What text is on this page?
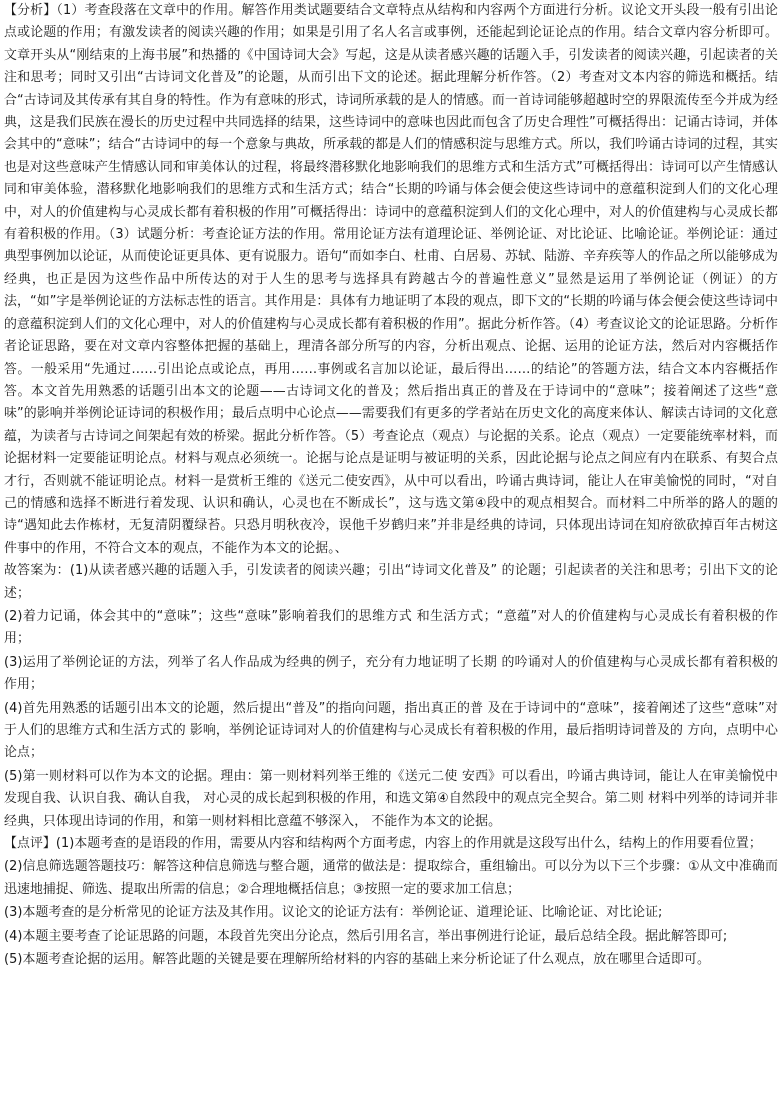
【分析】（1）考查段落在文章中的作用。解答作用类试题要结合文章特点从结构和内容两个方面进行分析。议论文开头段一般有引出论点或论题的作用；有激发读者的阅读兴趣的作用；如果是引用了名人名言或事例，还能起到论证论点的作用。结合文章内容分析即可。文章开头从“刚结束的上海书展”和热播的《中国诗词大会》写起，这是从读者感兴趣的话题入手，引发读者的阅读兴趣，引起读者的关注和思考；同时又引出“古诗词文化普及”的论题，从而引出下文的论述。据此理解分析作答。（2）考查对文本内容的筛选和概括。结合“古诗词及其传承有其自身的特性。作为有意味的形式，诗词所承载的是人的情感。而一首诗词能够超越时空的界限流传至今并成为经典，这是我们民族在漫长的历史过程中共同选择的结果，这些诗词中的意味也因此而包含了历史合理性”可概括得出：记诵古诗词，并体会其中的“意味”；结合“古诗词中的每一个意象与典故，所承载的都是人们的情感积淀与思维方式。所以，我们吟诵古诗词的过程，其实也是对这些意味产生情感认同和审美体认的过程，将最终潜移默化地影响我们的思维方式和生活方式”可概括得出：诗词可以产生情感认同和审美体验，潜移默化地影响我们的思维方式和生活方式；结合“长期的吟诵与体会便会使这些诗词中的意蕴积淀到人们的文化心理中，对人的价值建构与心灵成长都有着积极的作用”可概括得出：诗词中的意蕴积淀到人们的文化心理中，对人的价值建构与心灵成长都有着积极的作用。（3）试题分析：考查论证方法的作用。常用论证方法有道理论证、举例论证、对比论证、比喻论证。举例论证：通过典型事例加以论证，从而使论证更具体、更有说服力。语句“而如李白、杜甫、白居易、苏轼、陆游、辛弃疾等人的作品之所以能够成为经典，也正是因为这些作品中所传达的对于人生的思考与选择具有跨越古今的普遍性意义”显然是运用了举例论证（例证）的方法，“如”字是举例论证的方法标志性的语言。其作用是：具体有力地证明了本段的观点，即下文的“长期的吟诵与体会便会使这些诗词中的意蕴积淀到人们的文化心理中，对人的价值建构与心灵成长都有着积极的作用”。据此分析作答。（4）考查议论文的论证思路。分析作者论证思路，要在对文章内容整体把握的基础上，理清各部分所写的内容，分析出观点、论据、运用的论证方法，然后对内容概括作答。一般采用“先通过……引出论点或论点，再用……事例或名言加以论证，最后得出……的结论”的答题方法，结合文本内容概括作答。本文首先用熟悉的话题引出本文的论题——古诗词文化的普及；然后指出真正的普及在于诗词中的“意味”；接着阐述了这些“意味”的影响并举例论证诗词的积极作用；最后点明中心论点——需要我们有更多的学者站在历史文化的高度来体认、解读古诗词的文化意蕴，为读者与古诗词之间架起有效的桥梁。据此分析作答。（5）考查论点（观点）与论据的关系。论点（观点）一定要能统率材料，而论据材料一定要能证明论点。材料与观点必须统一。论据与论点是证明与被证明的关系，因此论据与论点之间应有内在联系、有契合点才行，否则就不能证明论点。材料一是赏析王维的《送元二使安西》，从中可以看出，吟诵古典诗词，能让人在审美愉悦的同时，“对自己的情感和选择不断进行着发现、认识和确认，心灵也在不断成长”，这与选文第④段中的观点相契合。而材料二中所举的路人的题的诗“遇知此去作栋材，无复清阴覆绿苔。只恐月明秋夜冷，误他千岁鹤归来”并非是经典的诗词，只体现出诗词在知府欲砍掉百年古树这件事中的作用，不符合文本的观点，不能作为本文的论据。、

故答案为：(1)从读者感兴趣的话题入手，引发读者的阅读兴趣；引出“诗词文化普及” 的论题；引起读者的关注和思考；引出下文的论述；

(2)着力记诵，体会其中的“意味”；这些“意味”影响着我们的思维方式 和生活方式；“意蕴”对人的价值建构与心灵成长有着积极的作用；

(3)运用了举例论证的方法，列举了名人作品成为经典的例子，充分有力地证明了长期 的吟诵对人的价值建构与心灵成长都有着积极的作用；

(4)首先用熟悉的话题引出本文的论题，然后提出“普及”的指向问题，指出真正的普 及在于诗词中的“意味”，接着阐述了这些“意味”对于人们的思维方式和生活方式的 影响，举例论证诗词对人的价值建构与心灵成长有着积极的作用，最后指明诗词普及的 方向，点明中心论点；

(5)第一则材料可以作为本文的论据。理由：第一则材料列举王维的《送元二使 安西》可以看出，吟诵古典诗词，能让人在审美愉悦中发现自我、认识自我、确认自我， 对心灵的成长起到积极的作用，和选文第④自然段中的观点完全契合。第二则 材料中列举的诗词并非经典，只体现出诗词的作用，和第一则材料相比意蕴不够深入， 不能作为本文的论据。

【点评】(1)本题考查的是语段的作用，需要从内容和结构两个方面考虑，内容上的作用就是这段写出什么，结构上的作用要看位置；

(2)信息筛选题答题技巧：解答这种信息筛选与整合题，通常的做法是：提取综合，重组输出。可以分为以下三个步骤：①从文中准确而迅速地捕捉、筛选、提取出所需的信息；②合理地概括信息；③按照一定的要求加工信息；

(3)本题考查的是分析常见的论证方法及其作用。议论文的论证方法有：举例论证、道理论证、比喻论证、对比论证;

(4)本题主要考查了论证思路的问题，本段首先突出分论点，然后引用名言，举出事例进行论证，最后总结全段。据此解答即可;

(5)本题考查论据的运用。解答此题的关键是要在理解所给材料的内容的基础上来分析论证了什么观点，放在哪里合适即可。
